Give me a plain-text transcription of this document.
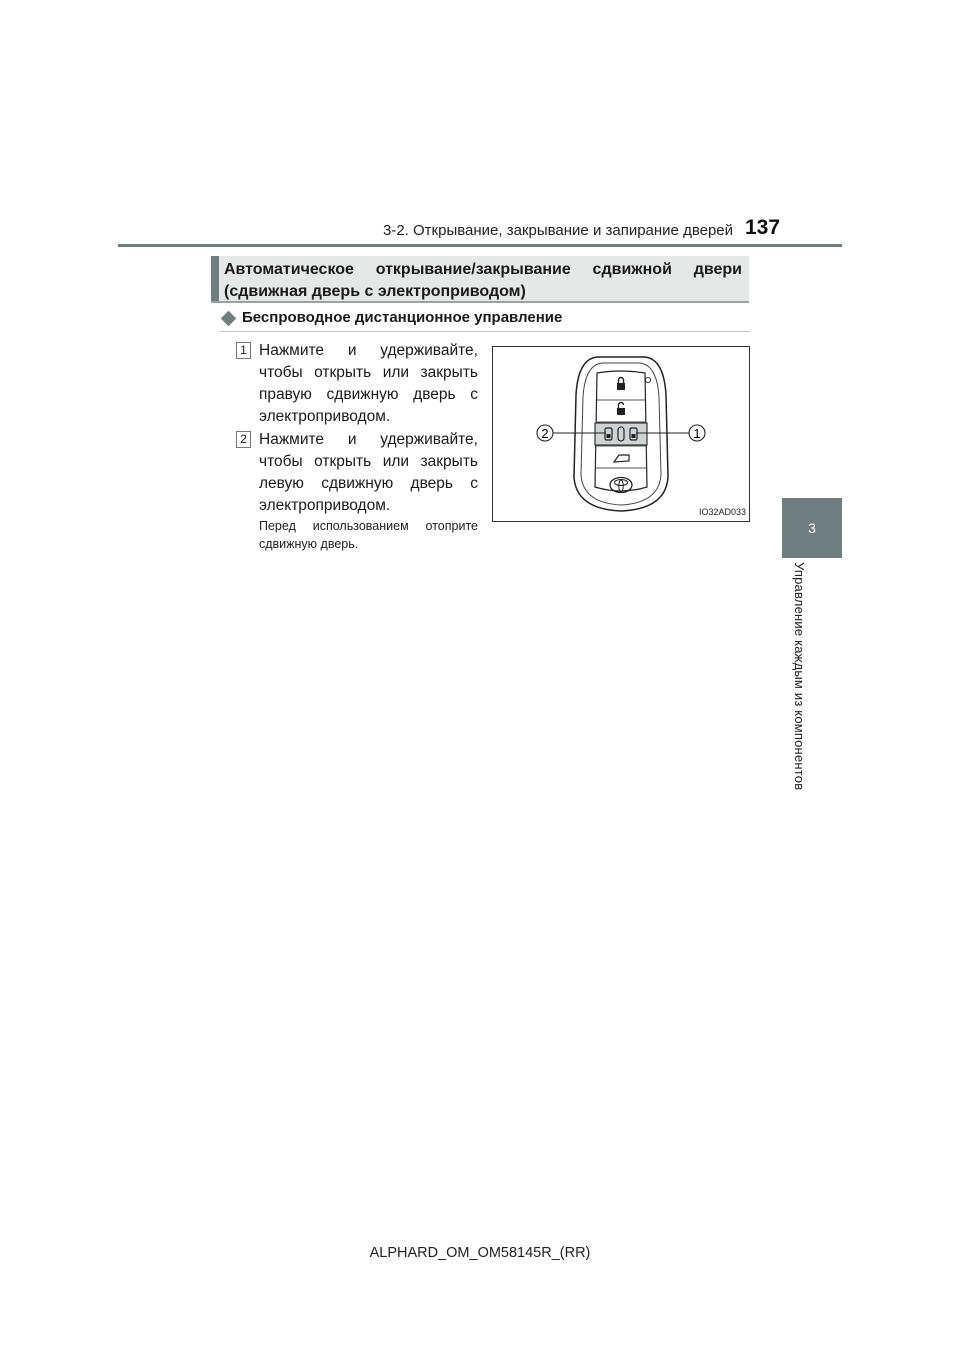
3-2. Открывание, закрывание и запирание дверей 137
3
Управление каждым из компонентов
Автоматическое открывание/закрывание сдвижной двери (сдвижная дверь с электроприводом)
Беспроводное дистанционное управление
1 Нажмите и удерживайте, чтобы открыть или закрыть правую сдвижную дверь с электроприводом.
2 Нажмите и удерживайте, чтобы открыть или закрыть левую сдвижную дверь с электроприводом.
Перед использованием отоприте сдвижную дверь.
2	1
IO32AD033
ALPHARD_OM_OM58145R_(RR)
